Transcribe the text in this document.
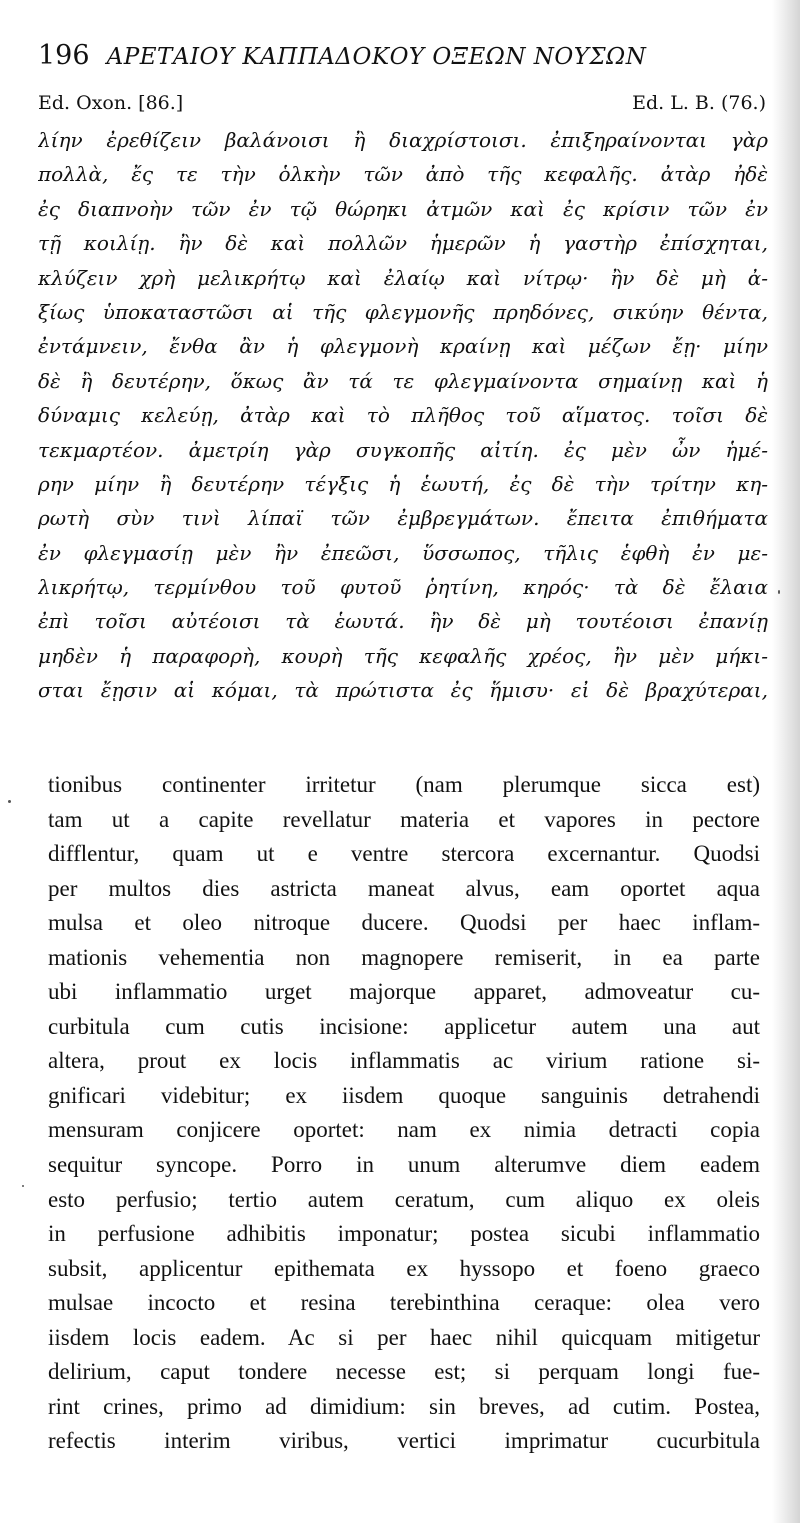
196 ΑΡΕΤΑΙΟΥ ΚΑΠΠΑΔΟΚΟΥ ΟΞΕΩΝ ΝΟΥΣΩΝ
Ed. Oxon. [86.]	Ed. L. B. (76.)
λίην ἐρεθίζειν βαλάνοισι ἢ διαχρίστοισι. ἐπιξηραίνονται γὰρ
πολλὰ, ἔς τε τὴν ὁλκὴν τῶν ἀπὸ τῆς κεφαλῆς. ἀτὰρ ἠδὲ
ἐς διαπνοὴν τῶν ἐν τῷ θώρηκι ἀτμῶν καὶ ἐς κρίσιν τῶν ἐν
τῇ κοιλίῃ. ἢν δὲ καὶ πολλῶν ἡμερῶν ἡ γαστὴρ ἐπίσχηται,
κλύζειν χρὴ μελικρήτῳ καὶ ἐλαίῳ καὶ νίτρῳ· ἢν δὲ μὴ ἀ-
ξίως ὑποκαταστῶσι αἱ τῆς φλεγμονῆς πρηδόνες, σικύην θέντα,
ἐντάμνειν, ἔνθα ἂν ἡ φλεγμονὴ κραίνῃ καὶ μέζων ἔῃ· μίην
δὲ ἢ δευτέρην, ὅκως ἂν τά τε φλεγμαίνοντα σημαίνῃ καὶ ἡ
δύναμις κελεύῃ, ἀτὰρ καὶ τὸ πλῆθος τοῦ αἵματος. τοῖσι δὲ
τεκμαρτέον. ἀμετρίη γὰρ συγκοπῆς αἰτίη. ἐς μὲν ὦν ἡμέ-
ρην μίην ἢ δευτέρην τέγξις ἡ ἑωυτή, ἐς δὲ τὴν τρίτην κη-
ρωτὴ σὺν τινὶ λίπαϊ τῶν ἐμβρεγμάτων. ἔπειτα ἐπιθήματα
ἐν φλεγμασίῃ μὲν ἢν ἐπεῶσι, ὕσσωπος, τῆλις ἑφθὴ ἐν με-
λικρήτῳ, τερμίνθου τοῦ φυτοῦ ῥητίνη, κηρός· τὰ δὲ ἔλαια
ἐπὶ τοῖσι αὐτέοισι τὰ ἑωυτά. ἢν δὲ μὴ τουτέοισι ἐπανίῃ
μηδὲν ἡ παραφορὴ, κουρὴ τῆς κεφαλῆς χρέος, ἢν μὲν μήκι-
σται ἔῃσιν αἱ κόμαι, τὰ πρώτιστα ἐς ἥμισυ· εἰ δὲ βραχύτεραι,
tionibus continenter irritetur (nam plerumque sicca est)
tam ut a capite revellatur materia et vapores in pectore
difflentur, quam ut e ventre stercora excernantur. Quodsi
per multos dies astricta maneat alvus, eam oportet aqua
mulsa et oleo nitroque ducere. Quodsi per haec inflam-
mationis vehementia non magnopere remiserit, in ea parte
ubi inflammatio urget majorque apparet, admoveatur cu-
curbitula cum cutis incisione: applicetur autem una aut
altera, prout ex locis inflammatis ac virium ratione si-
gnificari videbitur; ex iisdem quoque sanguinis detrahendi
mensuram conjicere oportet: nam ex nimia detracti copia
sequitur syncope. Porro in unum alterumve diem eadem
esto perfusio; tertio autem ceratum, cum aliquo ex oleis
in perfusione adhibitis imponatur; postea sicubi inflammatio
subsit, applicentur epithemata ex hyssopo et foeno graeco
mulsae incocto et resina terebinthina ceraque: olea vero
iisdem locis eadem. Ac si per haec nihil quicquam mitigetur
delirium, caput tondere necesse est; si perquam longi fue-
rint crines, primo ad dimidium: sin breves, ad cutim. Postea,
refectis interim viribus, vertici imprimatur cucurbitula
